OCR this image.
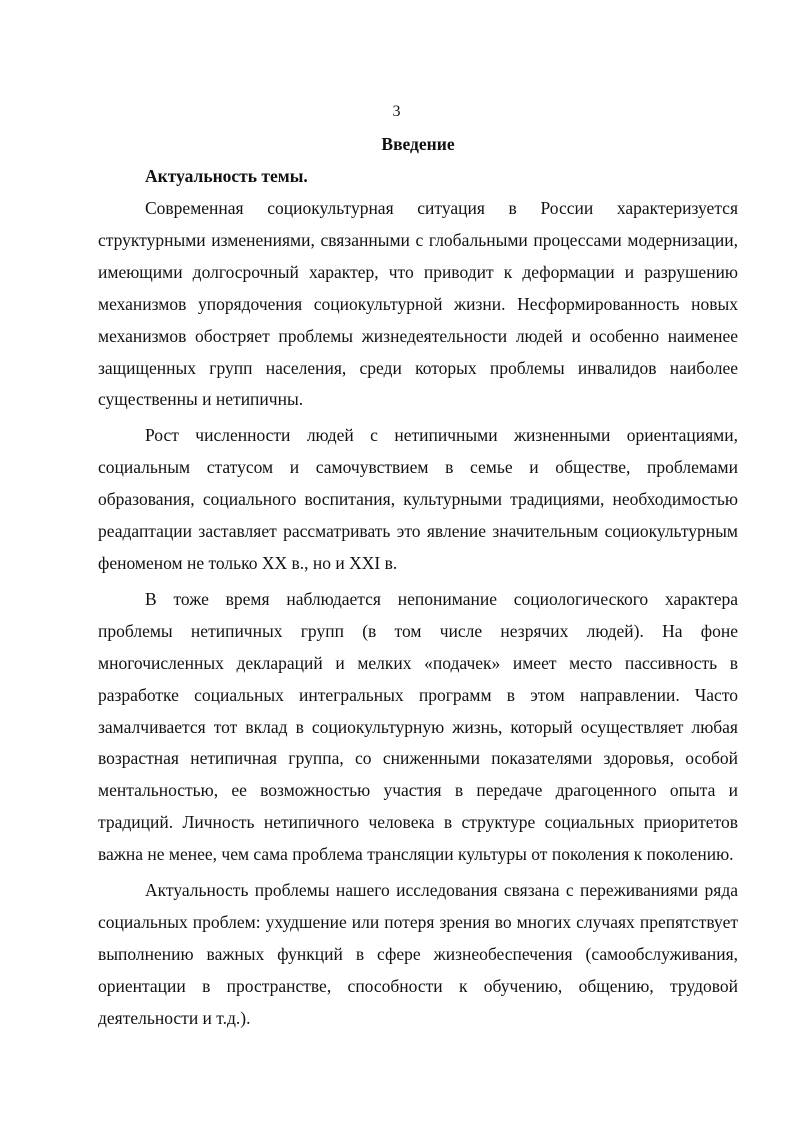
3
Введение
Актуальность темы.

Современная социокультурная ситуация в России характеризуется структурными изменениями, связанными с глобальными процессами модернизации, имеющими долгосрочный характер, что приводит к деформации и разрушению механизмов упорядочения социокультурной жизни. Несформированность новых механизмов обостряет проблемы жизнедеятельности людей и особенно наименее защищенных групп населения, среди которых проблемы инвалидов наиболее существенны и нетипичны.

Рост численности людей с нетипичными жизненными ориентациями, социальным статусом и самочувствием в семье и обществе, проблемами образования, социального воспитания, культурными традициями, необходимостью реадаптации заставляет рассматривать это явление значительным социокультурным феноменом не только XX в., но и XXI в.

В тоже время наблюдается непонимание социологического характера проблемы нетипичных групп (в том числе незрячих людей). На фоне многочисленных деклараций и мелких «подачек» имеет место пассивность в разработке социальных интегральных программ в этом направлении. Часто замалчивается тот вклад в социокультурную жизнь, который осуществляет любая возрастная нетипичная группа, со сниженными показателями здоровья, особой ментальностью, ее возможностью участия в передаче драгоценного опыта и традиций. Личность нетипичного человека в структуре социальных приоритетов важна не менее, чем сама проблема трансляции культуры от поколения к поколению.

Актуальность проблемы нашего исследования связана с переживаниями ряда социальных проблем: ухудшение или потеря зрения во многих случаях препятствует выполнению важных функций в сфере жизнеобеспечения (самообслуживания, ориентации в пространстве, способности к обучению, общению, трудовой деятельности и т.д.).
